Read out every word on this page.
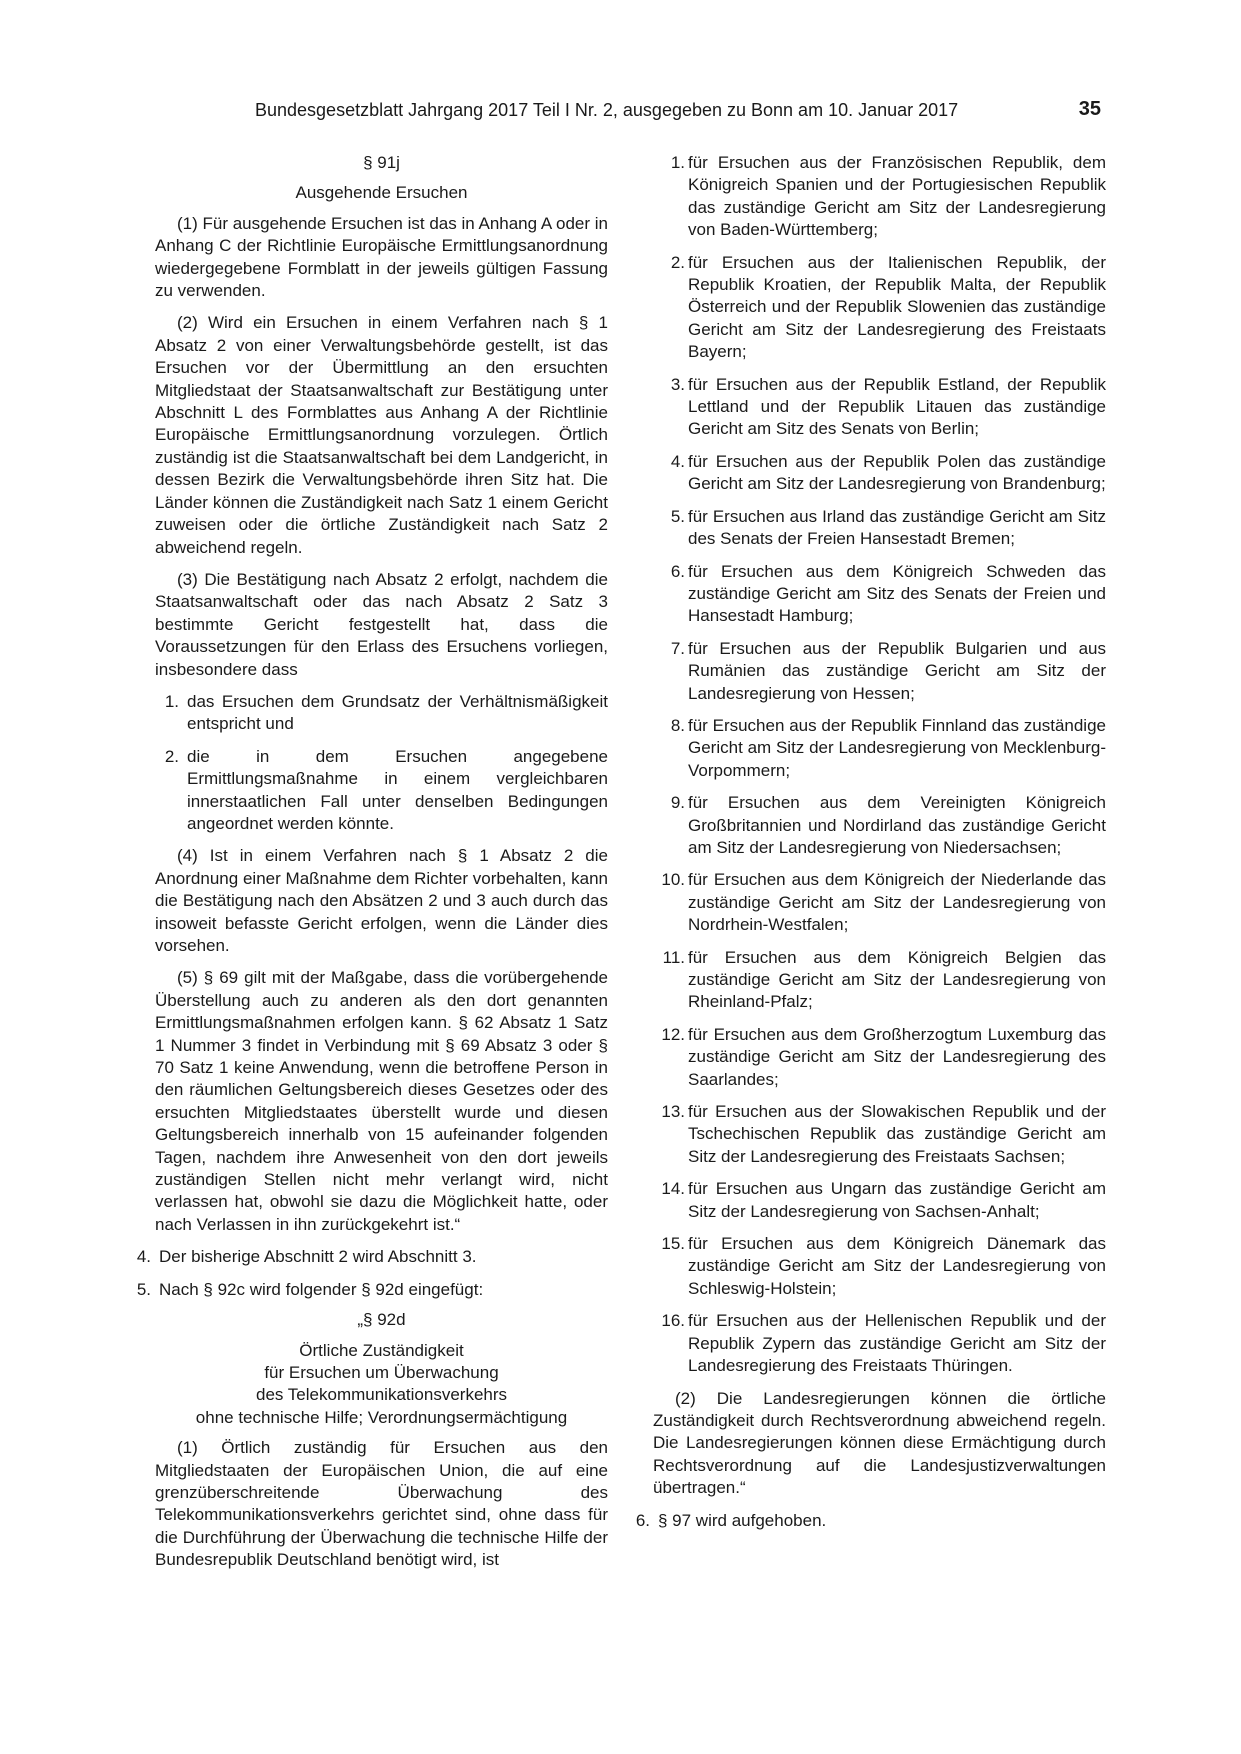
Bundesgesetzblatt Jahrgang 2017 Teil I Nr. 2, ausgegeben zu Bonn am 10. Januar 2017	35

§ 91j

Ausgehende Ersuchen

(1) Für ausgehende Ersuchen ist das in Anhang A oder in Anhang C der Richtlinie Europäische Ermittlungsanordnung wiedergegebene Formblatt in der jeweils gültigen Fassung zu verwenden.

(2) Wird ein Ersuchen in einem Verfahren nach § 1 Absatz 2 von einer Verwaltungsbehörde gestellt, ist das Ersuchen vor der Übermittlung an den ersuchten Mitgliedstaat der Staatsanwaltschaft zur Bestätigung unter Abschnitt L des Formblattes aus Anhang A der Richtlinie Europäische Ermittlungsanordnung vorzulegen. Örtlich zuständig ist die Staatsanwaltschaft bei dem Landgericht, in dessen Bezirk die Verwaltungsbehörde ihren Sitz hat. Die Länder können die Zuständigkeit nach Satz 1 einem Gericht zuweisen oder die örtliche Zuständigkeit nach Satz 2 abweichend regeln.

(3) Die Bestätigung nach Absatz 2 erfolgt, nachdem die Staatsanwaltschaft oder das nach Absatz 2 Satz 3 bestimmte Gericht festgestellt hat, dass die Voraussetzungen für den Erlass des Ersuchens vorliegen, insbesondere dass

1. das Ersuchen dem Grundsatz der Verhältnismäßigkeit entspricht und
2. die in dem Ersuchen angegebene Ermittlungsmaßnahme in einem vergleichbaren innerstaatlichen Fall unter denselben Bedingungen angeordnet werden könnte.

(4) Ist in einem Verfahren nach § 1 Absatz 2 die Anordnung einer Maßnahme dem Richter vorbehalten, kann die Bestätigung nach den Absätzen 2 und 3 auch durch das insoweit befasste Gericht erfolgen, wenn die Länder dies vorsehen.

(5) § 69 gilt mit der Maßgabe, dass die vorübergehende Überstellung auch zu anderen als den dort genannten Ermittlungsmaßnahmen erfolgen kann. § 62 Absatz 1 Satz 1 Nummer 3 findet in Verbindung mit § 69 Absatz 3 oder § 70 Satz 1 keine Anwendung, wenn die betroffene Person in den räumlichen Geltungsbereich dieses Gesetzes oder des ersuchten Mitgliedstaates überstellt wurde und diesen Geltungsbereich innerhalb von 15 aufeinander folgenden Tagen, nachdem ihre Anwesenheit von den dort jeweils zuständigen Stellen nicht mehr verlangt wird, nicht verlassen hat, obwohl sie dazu die Möglichkeit hatte, oder nach Verlassen in ihn zurückgekehrt ist.“

4. Der bisherige Abschnitt 2 wird Abschnitt 3.
5. Nach § 92c wird folgender § 92d eingefügt:

„§ 92d

Örtliche Zuständigkeit

für Ersuchen um Überwachung

des Telekommunikationsverkehrs

ohne technische Hilfe; Verordnungsermächtigung

(1) Örtlich zuständig für Ersuchen aus den Mitgliedstaaten der Europäischen Union, die auf eine grenzüberschreitende Überwachung des Telekommunikationsverkehrs gerichtet sind, ohne dass für die Durchführung der Überwachung die technische Hilfe der Bundesrepublik Deutschland benötigt wird, ist

1. für Ersuchen aus der Französischen Republik, dem Königreich Spanien und der Portugiesischen Republik das zuständige Gericht am Sitz der Landesregierung von Baden-Württemberg;
2. für Ersuchen aus der Italienischen Republik, der Republik Kroatien, der Republik Malta, der Republik Österreich und der Republik Slowenien das zuständige Gericht am Sitz der Landesregierung des Freistaats Bayern;
3. für Ersuchen aus der Republik Estland, der Republik Lettland und der Republik Litauen das zuständige Gericht am Sitz des Senats von Berlin;
4. für Ersuchen aus der Republik Polen das zuständige Gericht am Sitz der Landesregierung von Brandenburg;
5. für Ersuchen aus Irland das zuständige Gericht am Sitz des Senats der Freien Hansestadt Bremen;
6. für Ersuchen aus dem Königreich Schweden das zuständige Gericht am Sitz des Senats der Freien und Hansestadt Hamburg;
7. für Ersuchen aus der Republik Bulgarien und aus Rumänien das zuständige Gericht am Sitz der Landesregierung von Hessen;
8. für Ersuchen aus der Republik Finnland das zuständige Gericht am Sitz der Landesregierung von Mecklenburg-Vorpommern;
9. für Ersuchen aus dem Vereinigten Königreich Großbritannien und Nordirland das zuständige Gericht am Sitz der Landesregierung von Niedersachsen;
10. für Ersuchen aus dem Königreich der Niederlande das zuständige Gericht am Sitz der Landesregierung von Nordrhein-Westfalen;
11. für Ersuchen aus dem Königreich Belgien das zuständige Gericht am Sitz der Landesregierung von Rheinland-Pfalz;
12. für Ersuchen aus dem Großherzogtum Luxemburg das zuständige Gericht am Sitz der Landesregierung des Saarlandes;
13. für Ersuchen aus der Slowakischen Republik und der Tschechischen Republik das zuständige Gericht am Sitz der Landesregierung des Freistaats Sachsen;
14. für Ersuchen aus Ungarn das zuständige Gericht am Sitz der Landesregierung von Sachsen-Anhalt;
15. für Ersuchen aus dem Königreich Dänemark das zuständige Gericht am Sitz der Landesregierung von Schleswig-Holstein;
16. für Ersuchen aus der Hellenischen Republik und der Republik Zypern das zuständige Gericht am Sitz der Landesregierung des Freistaats Thüringen.

(2) Die Landesregierungen können die örtliche Zuständigkeit durch Rechtsverordnung abweichend regeln. Die Landesregierungen können diese Ermächtigung durch Rechtsverordnung auf die Landesjustizverwaltungen übertragen.“

6. § 97 wird aufgehoben.
